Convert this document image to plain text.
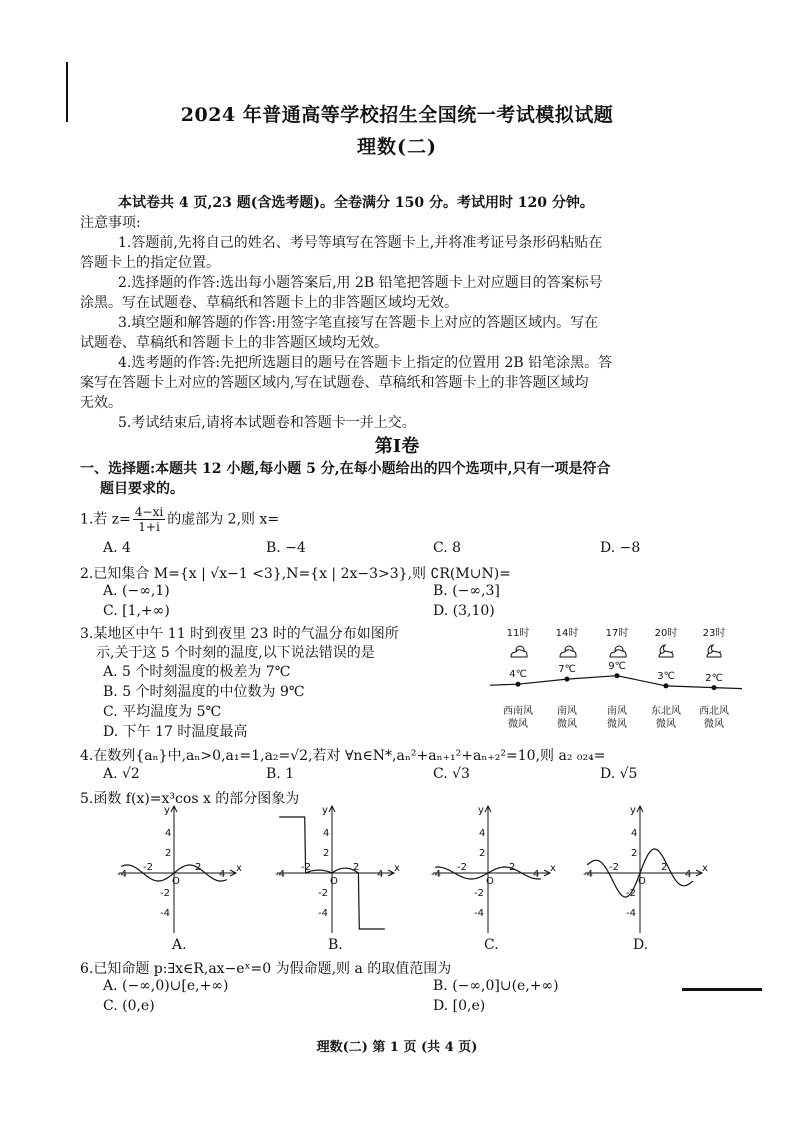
2024 年普通高等学校招生全国统一考试模拟试题
理数(二)
本试卷共 4 页,23 题(含选考题)。全卷满分 150 分。考试用时 120 分钟。
注意事项:
1.答题前,先将自己的姓名、考号等填写在答题卡上,并将准考证号条形码粘贴在
答题卡上的指定位置。
2.选择题的作答:选出每小题答案后,用 2B 铅笔把答题卡上对应题目的答案标号
涂黑。写在试题卷、草稿纸和答题卡上的非答题区域均无效。
3.填空题和解答题的作答:用签字笔直接写在答题卡上对应的答题区域内。写在
试题卷、草稿纸和答题卡上的非答题区域均无效。
4.选考题的作答:先把所选题目的题号在答题卡上指定的位置用 2B 铅笔涂黑。答
案写在答题卡上对应的答题区域内,写在试题卷、草稿纸和答题卡上的非答题区域均
无效。
5.考试结束后,请将本试题卷和答题卡一并上交。
第Ⅰ卷
一、选择题:本题共 12 小题,每小题 5 分,在每小题给出的四个选项中,只有一项是符合
题目要求的。
1.若 $z= \frac{4-xi}{1+i}$ 的虚部为 2,则 x=
A. 4	B. −4	C. 8	D. −8
2.已知集合 M={x | √x−1 <3},N={x | 2x−3>3},则 ∁R(M∪N)=
A. (−∞,1)	B. (−∞,3]
C. [1,+∞)	D. (3,10)
3.某地区中午 11 时到夜里 23 时的气温分布如图所
示,关于这 5 个时刻的温度,以下说法错误的是
A. 5 个时刻温度的极差为 7℃
B. 5 个时刻温度的中位数为 9℃
C. 平均温度为 5℃
D. 下午 17 时温度最高
11时	14时	17时	20时	23时
4℃	7℃	9℃
3℃	2℃
西南风
微风
南风
微风
南风
微风
东北风
微风
西北风
微风
4.在数列{aₙ}中,aₙ>0,a₁=1,a₂=√2,若对 ∀n∈N*,aₙ²+aₙ₊₁²+aₙ₊₂²=10,则 a₂ ₀₂₄=
A. √2	B. 1	C. √3	D. √5
5.函数 f(x)=x³cos x 的部分图象为
x
y
O
-4
-2	2
4
4
2
-2
-4
x
y
O
-4
-2	2
4
4
2
-2
-4
x
y
O
-4
-2	2
4
4
2
-2
-4
x
y
O
-4
-2	2
4
4
2
-2
-4
A.	B.	C.	D.
6.已知命题 p:∃x∈R,ax−eˣ=0 为假命题,则 a 的取值范围为
A. (−∞,0)∪[e,+∞)	B. (−∞,0]∪(e,+∞)
C. (0,e)	D. [0,e)
理数(二) 第 1 页 (共 4 页)
